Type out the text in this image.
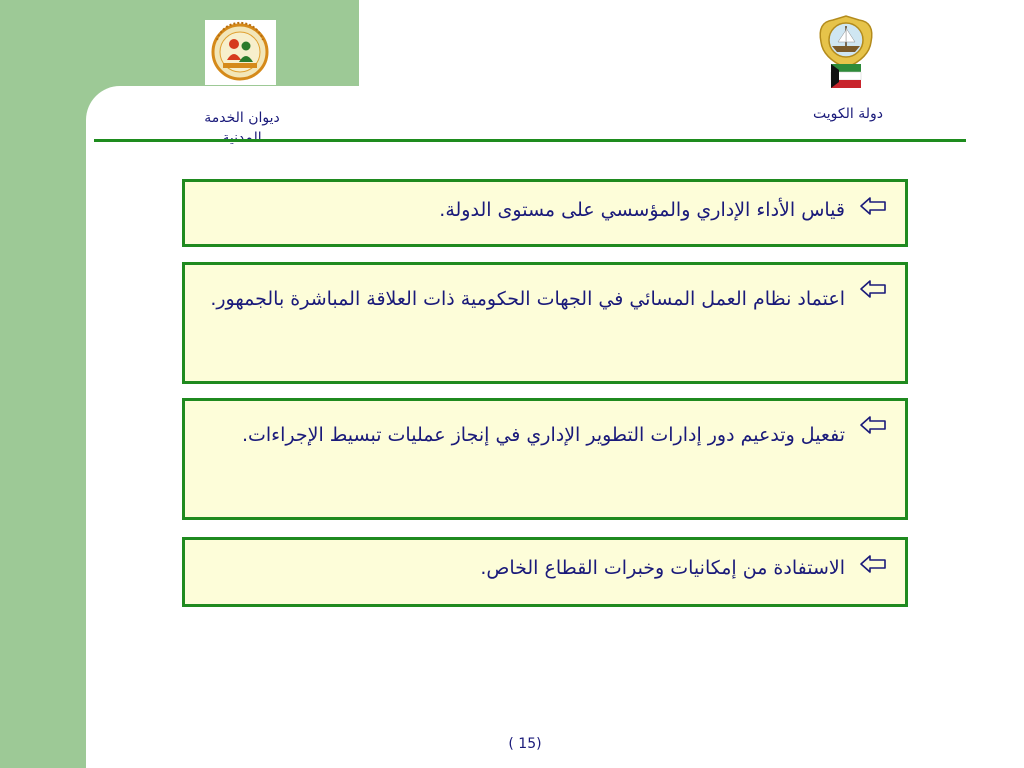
ديوان الخدمة المدنية
دولة الكويت
قياس الأداء الإداري والمؤسسي على مستوى الدولة.
اعتماد نظام العمل المسائي في الجهات الحكومية ذات العلاقة المباشرة بالجمهور.
تفعيل وتدعيم دور إدارات التطوير الإداري في إنجاز عمليات تبسيط الإجراءات.
الاستفادة من إمكانيات وخبرات القطاع الخاص.
( 15)
